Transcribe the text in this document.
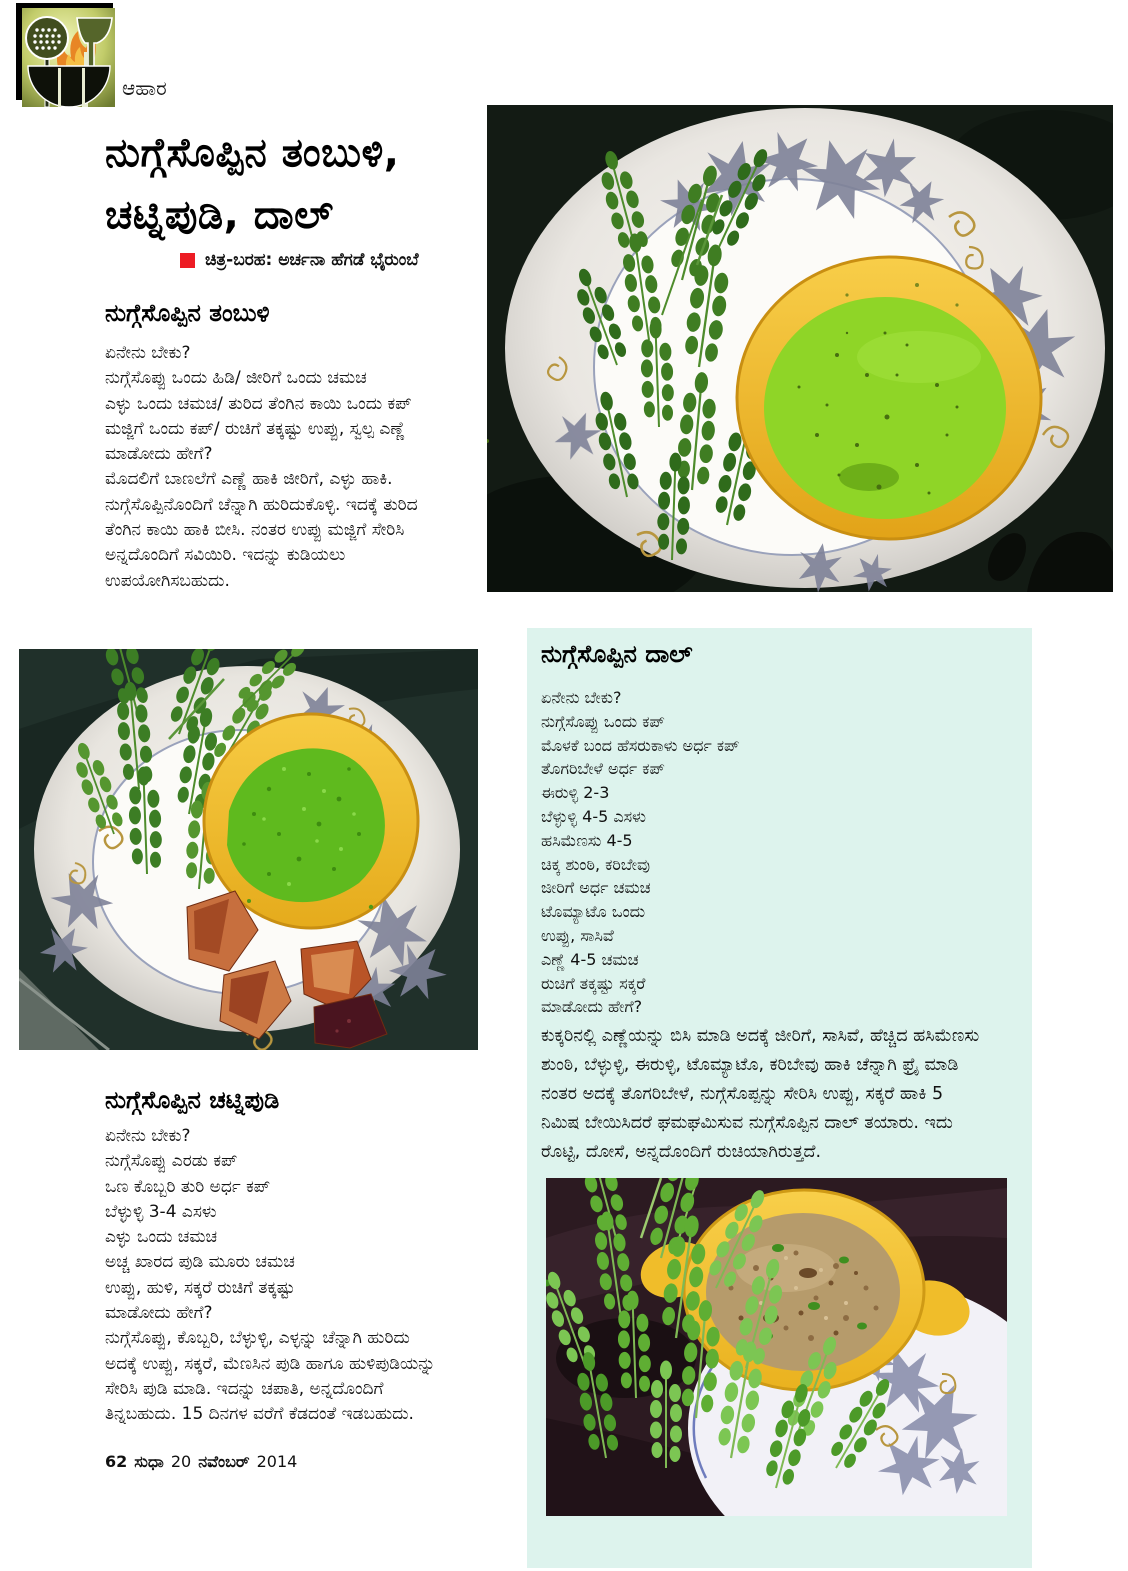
ಆಹಾರ
ನುಗ್ಗೆಸೊಪ್ಪಿನ ತಂಬುಳಿ,
ಚಟ್ನಿಪುಡಿ, ದಾಲ್
ಚಿತ್ರ-ಬರಹ: ಅರ್ಚನಾ ಹೆಗಡೆ ಭೈರುಂಬೆ
ನುಗ್ಗೆಸೊಪ್ಪಿನ ತಂಬುಳಿ
ಏನೇನು ಬೇಕು?
ನುಗ್ಗೆಸೊಪ್ಪು ಒಂದು ಹಿಡಿ/ ಜೀರಿಗೆ ಒಂದು ಚಮಚ
ಎಳ್ಳು ಒಂದು ಚಮಚ/ ತುರಿದ ತೆಂಗಿನ ಕಾಯಿ ಒಂದು ಕಪ್
ಮಜ್ಜಿಗೆ ಒಂದು ಕಪ್/ ರುಚಿಗೆ ತಕ್ಕಷ್ಟು ಉಪ್ಪು, ಸ್ವಲ್ಪ ಎಣ್ಣೆ
ಮಾಡೋದು ಹೇಗೆ?
ಮೊದಲಿಗೆ ಬಾಣಲೆಗೆ ಎಣ್ಣೆ ಹಾಕಿ ಜೀರಿಗೆ, ಎಳ್ಳು ಹಾಕಿ.
ನುಗ್ಗೆಸೊಪ್ಪಿನೊಂದಿಗೆ ಚೆನ್ನಾಗಿ ಹುರಿದುಕೊಳ್ಳಿ. ಇದಕ್ಕೆ ತುರಿದ
ತೆಂಗಿನ ಕಾಯಿ ಹಾಕಿ ಬೀಸಿ. ನಂತರ ಉಪ್ಪು ಮಜ್ಜಿಗೆ ಸೇರಿಸಿ
ಅನ್ನದೊಂದಿಗೆ ಸವಿಯಿರಿ. ಇದನ್ನು ಕುಡಿಯಲು
ಉಪಯೋಗಿಸಬಹುದು.
ನುಗ್ಗೆಸೊಪ್ಪಿನ ದಾಲ್
ಏನೇನು ಬೇಕು?
ನುಗ್ಗೆಸೊಪ್ಪು ಒಂದು ಕಪ್
ಮೊಳಕೆ ಬಂದ ಹೆಸರುಕಾಳು ಅರ್ಧ ಕಪ್
ತೊಗರಿಬೇಳೆ ಅರ್ಧ ಕಪ್
ಈರುಳ್ಳಿ 2-3
ಬೆಳ್ಳುಳ್ಳಿ 4-5 ಎಸಳು
ಹಸಿಮೆಣಸು 4-5
ಚಿಕ್ಕ ಶುಂಠಿ, ಕರಿಬೇವು
ಜೀರಿಗೆ ಅರ್ಧ ಚಮಚ
ಟೊಮ್ಯಾಟೊ ಒಂದು
ಉಪ್ಪು, ಸಾಸಿವೆ
ಎಣ್ಣೆ 4-5 ಚಮಚ
ರುಚಿಗೆ ತಕ್ಕಷ್ಟು ಸಕ್ಕರೆ
ಮಾಡೋದು ಹೇಗೆ?
ಕುಕ್ಕರಿನಲ್ಲಿ ಎಣ್ಣೆಯನ್ನು ಬಿಸಿ ಮಾಡಿ ಅದಕ್ಕೆ ಜೀರಿಗೆ, ಸಾಸಿವೆ, ಹೆಚ್ಚಿದ ಹಸಿಮೆಣಸು
ಶುಂಠಿ, ಬೆಳ್ಳುಳ್ಳಿ, ಈರುಳ್ಳಿ, ಟೊಮ್ಯಾಟೊ, ಕರಿಬೇವು ಹಾಕಿ ಚೆನ್ನಾಗಿ ಫ್ರೈ ಮಾಡಿ
ನಂತರ ಅದಕ್ಕೆ ತೊಗರಿಬೇಳೆ, ನುಗ್ಗೆಸೊಪ್ಪನ್ನು ಸೇರಿಸಿ ಉಪ್ಪು, ಸಕ್ಕರೆ ಹಾಕಿ 5
ನಿಮಿಷ ಬೇಯಿಸಿದರೆ ಘಮಘಮಿಸುವ ನುಗ್ಗೆಸೊಪ್ಪಿನ ದಾಲ್ ತಯಾರು. ಇದು
ರೊಟ್ಟಿ, ದೋಸೆ, ಅನ್ನದೊಂದಿಗೆ ರುಚಿಯಾಗಿರುತ್ತದೆ.
ನುಗ್ಗೆಸೊಪ್ಪಿನ ಚಟ್ನಿಪುಡಿ
ಏನೇನು ಬೇಕು?
ನುಗ್ಗೆಸೊಪ್ಪು ಎರಡು ಕಪ್
ಒಣ ಕೊಬ್ಬರಿ ತುರಿ ಅರ್ಧ ಕಪ್
ಬೆಳ್ಳುಳ್ಳಿ 3-4 ಎಸಳು
ಎಳ್ಳು ಒಂದು ಚಮಚ
ಅಚ್ಚ ಖಾರದ ಪುಡಿ ಮೂರು ಚಮಚ
ಉಪ್ಪು, ಹುಳಿ, ಸಕ್ಕರೆ ರುಚಿಗೆ ತಕ್ಕಷ್ಟು
ಮಾಡೋದು ಹೇಗೆ?
ನುಗ್ಗೆಸೊಪ್ಪು, ಕೊಬ್ಬರಿ, ಬೆಳ್ಳುಳ್ಳಿ, ಎಳ್ಳನ್ನು ಚೆನ್ನಾಗಿ ಹುರಿದು
ಅದಕ್ಕೆ ಉಪ್ಪು, ಸಕ್ಕರೆ, ಮೆಣಸಿನ ಪುಡಿ ಹಾಗೂ ಹುಳಿಪುಡಿಯನ್ನು
ಸೇರಿಸಿ ಪುಡಿ ಮಾಡಿ. ಇದನ್ನು ಚಪಾತಿ, ಅನ್ನದೊಂದಿಗೆ
ತಿನ್ನಬಹುದು. 15 ದಿನಗಳ ವರೆಗೆ ಕೆಡದಂತೆ ಇಡಬಹುದು.
62 ಸುಧಾ 20 ನವೆಂಬರ್ 2014
